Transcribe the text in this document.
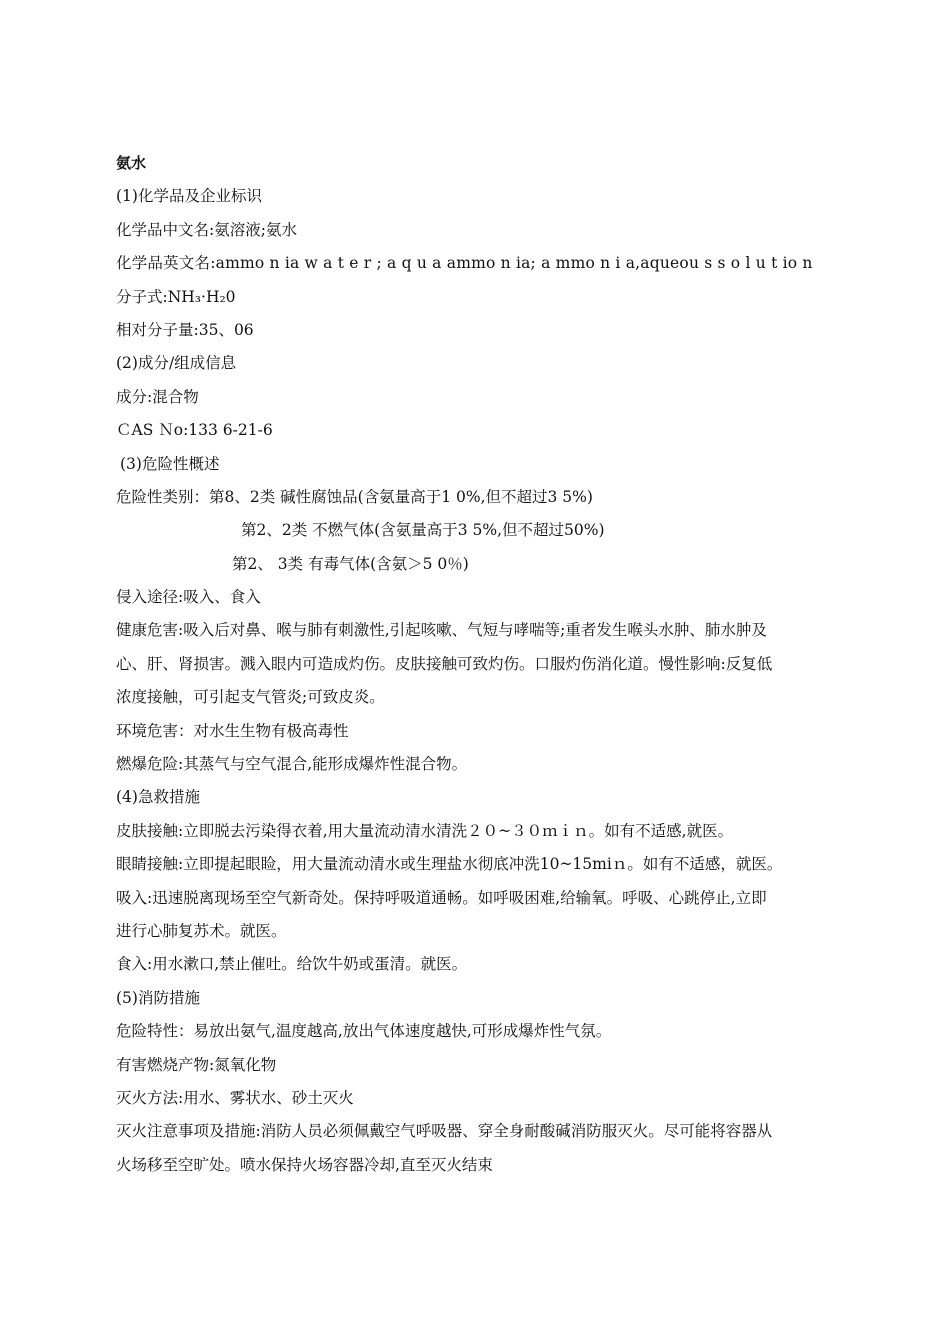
氨水
(1)化学品及企业标识
化学品中文名:氨溶液;氨水
化学品英文名:ammo n ia w a t e r ; a q u a ammo n ia; a mmo n i a,aqueou s s o l u t io n
分子式:NH₃·H₂0
相对分子量:35、06
(2)成分/组成信息
成分:混合物
ＣAS Ｎo:133 6-21-6
(3)危险性概述
危险性类别：第8、2类 碱性腐蚀品(含氨量高于1 0%,但不超过3 5%)
第2、2类 不燃气体(含氨量高于3 5%,但不超过50%)
第2、 3类 有毒气体(含氨＞5 0％)
侵入途径:吸入、食入
健康危害:吸入后对鼻、喉与肺有刺激性,引起咳嗽、气短与哮喘等;重者发生喉头水肿、肺水肿及
心、肝、肾损害。溅入眼内可造成灼伤。皮肤接触可致灼伤。口服灼伤消化道。慢性影响:反复低
浓度接触，可引起支气管炎;可致皮炎。
环境危害：对水生生物有极高毒性
燃爆危险:其蒸气与空气混合,能形成爆炸性混合物。
(4)急救措施
皮肤接触:立即脱去污染得衣着,用大量流动清水清洗２０~３０ｍｉｎ。如有不适感,就医。
眼睛接触:立即提起眼睑，用大量流动清水或生理盐水彻底冲洗10~15miｎ。如有不适感，就医。
吸入:迅速脱离现场至空气新奇处。保持呼吸道通畅。如呼吸困难,给输氧。呼吸、心跳停止,立即
进行心肺复苏术。就医。
食入:用水漱口,禁止催吐。给饮牛奶或蛋清。就医。
(5)消防措施
危险特性：易放出氨气,温度越高,放出气体速度越快,可形成爆炸性气氛。
有害燃烧产物:氮氧化物
灭火方法:用水、雾状水、砂土灭火
灭火注意事项及措施:消防人员必须佩戴空气呼吸器、穿全身耐酸碱消防服灭火。尽可能将容器从
火场移至空旷处。喷水保持火场容器冷却,直至灭火结束
